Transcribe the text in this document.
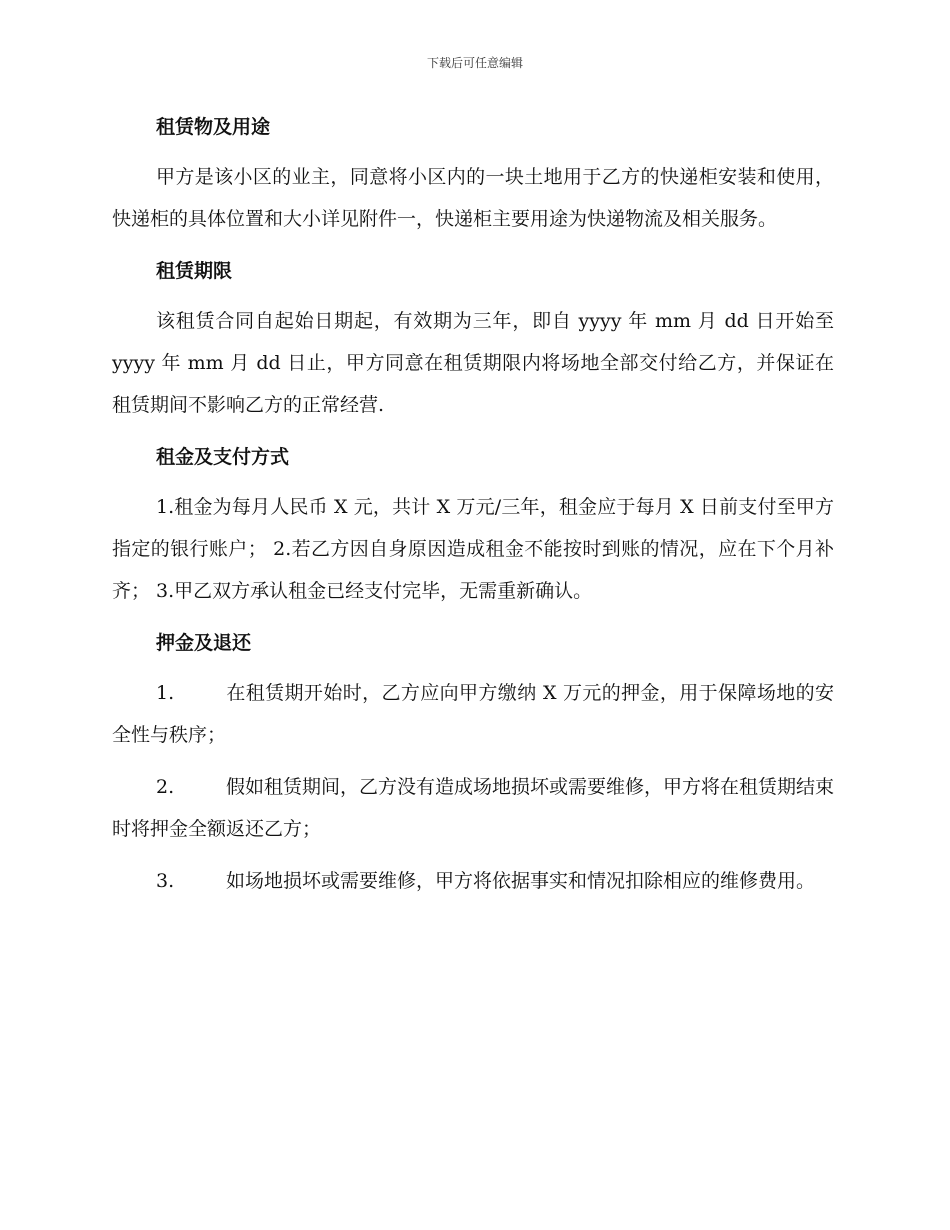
下载后可任意编辑
租赁物及用途

甲方是该小区的业主，同意将小区内的一块土地用于乙方的快递柜安装和使用，快递柜的具体位置和大小详见附件一，快递柜主要用途为快递物流及相关服务。

租赁期限

该租赁合同自起始日期起，有效期为三年，即自 yyyy 年 mm 月 dd 日开始至 yyyy 年 mm 月 dd 日止，甲方同意在租赁期限内将场地全部交付给乙方，并保证在租赁期间不影响乙方的正常经营.

租金及支付方式

1.租金为每月人民币 X 元，共计 X 万元/三年，租金应于每月 X 日前支付至甲方指定的银行账户； 2.若乙方因自身原因造成租金不能按时到账的情况，应在下个月补齐； 3.甲乙双方承认租金已经支付完毕，无需重新确认。

押金及退还

1.	在租赁期开始时，乙方应向甲方缴纳 X 万元的押金，用于保障场地的安全性与秩序；

2.	假如租赁期间，乙方没有造成场地损坏或需要维修，甲方将在租赁期结束时将押金全额返还乙方；

3.	如场地损坏或需要维修，甲方将依据事实和情况扣除相应的维修费用。
